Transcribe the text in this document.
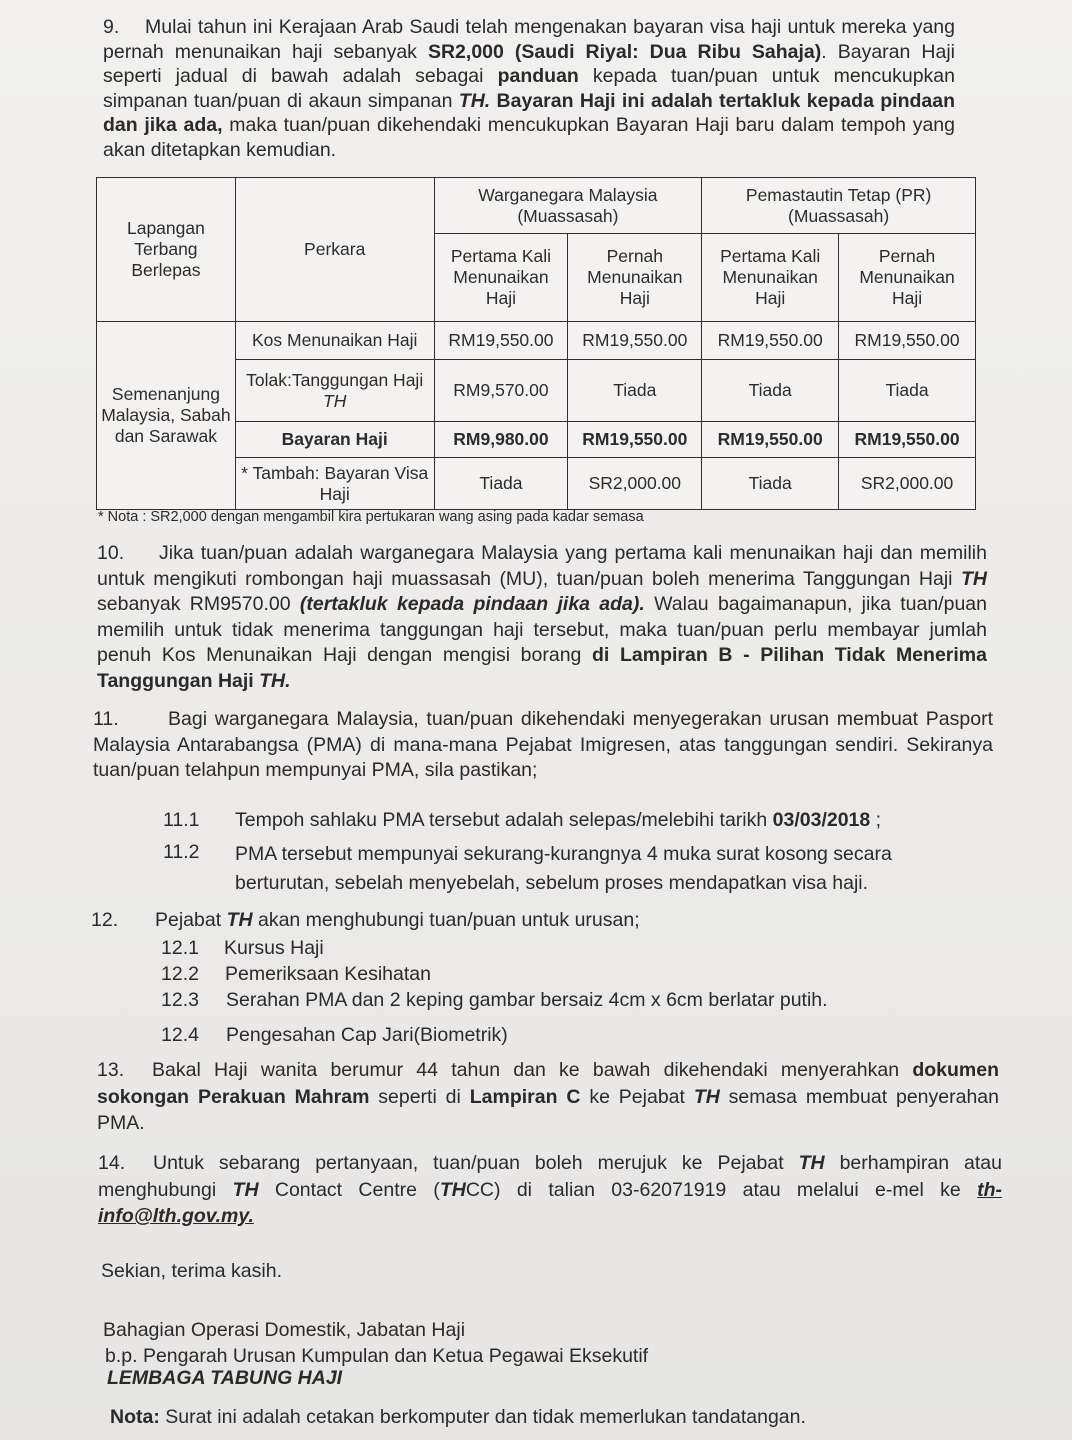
9. Mulai tahun ini Kerajaan Arab Saudi telah mengenakan bayaran visa haji untuk mereka yang pernah menunaikan haji sebanyak SR2,000 (Saudi Riyal: Dua Ribu Sahaja). Bayaran Haji seperti jadual di bawah adalah sebagai panduan kepada tuan/puan untuk mencukupkan simpanan tuan/puan di akaun simpanan TH. Bayaran Haji ini adalah tertakluk kepada pindaan dan jika ada, maka tuan/puan dikehendaki mencukupkan Bayaran Haji baru dalam tempoh yang akan ditetapkan kemudian.

Lapangan Terbang Berlepas	Perkara	Warganegara Malaysia (Muassasah)		Pemastautin Tetap (PR) (Muassasah)	
		Pertama Kali Menunaikan Haji	Pernah Menunaikan Haji	Pertama Kali Menunaikan Haji	Pernah Menunaikan Haji
Semenanjung Malaysia, Sabah dan Sarawak	Kos Menunaikan Haji	RM19,550.00	RM19,550.00	RM19,550.00	RM19,550.00
	Tolak:Tanggungan Haji TH	RM9,570.00	Tiada	Tiada	Tiada
	Bayaran Haji	RM9,980.00	RM19,550.00	RM19,550.00	RM19,550.00
	* Tambah: Bayaran Visa Haji	Tiada	SR2,000.00	Tiada	SR2,000.00
* Nota : SR2,000 dengan mengambil kira pertukaran wang asing pada kadar semasa

10. Jika tuan/puan adalah warganegara Malaysia yang pertama kali menunaikan haji dan memilih untuk mengikuti rombongan haji muassasah (MU), tuan/puan boleh menerima Tanggungan Haji TH sebanyak RM9570.00 (tertakluk kepada pindaan jika ada). Walau bagaimanapun, jika tuan/puan memilih untuk tidak menerima tanggungan haji tersebut, maka tuan/puan perlu membayar jumlah penuh Kos Menunaikan Haji dengan mengisi borang di Lampiran B - Pilihan Tidak Menerima Tanggungan Haji TH.

11.	Bagi warganegara Malaysia, tuan/puan dikehendaki menyegerakan urusan membuat Pasport Malaysia Antarabangsa (PMA) di mana-mana Pejabat Imigresen, atas tanggungan sendiri. Sekiranya tuan/puan telahpun mempunyai PMA, sila pastikan;

11.1 Tempoh sahlaku PMA tersebut adalah selepas/melebihi tarikh 03/03/2018 ;
11.2 PMA tersebut mempunyai sekurang-kurangnya 4 muka surat kosong secara berturutan, sebelah menyebelah, sebelum proses mendapatkan visa haji.
12. Pejabat TH akan menghubungi tuan/puan untuk urusan;
12.1 Kursus Haji
12.2 Pemeriksaan Kesihatan
12.3 Serahan PMA dan 2 keping gambar bersaiz 4cm x 6cm berlatar putih.
12.4 Pengesahan Cap Jari(Biometrik)

13. Bakal Haji wanita berumur 44 tahun dan ke bawah dikehendaki menyerahkan dokumen sokongan Perakuan Mahram seperti di Lampiran C ke Pejabat TH semasa membuat penyerahan PMA.

14. Untuk sebarang pertanyaan, tuan/puan boleh merujuk ke Pejabat TH berhampiran atau menghubungi TH Contact Centre (THCC) di talian 03-62071919 atau melalui e-mel ke th-info@lth.gov.my.

Sekian, terima kasih.
Bahagian Operasi Domestik, Jabatan Haji
b.p. Pengarah Urusan Kumpulan dan Ketua Pegawai Eksekutif
LEMBAGA TABUNG HAJI
Nota: Surat ini adalah cetakan berkomputer dan tidak memerlukan tandatangan.
